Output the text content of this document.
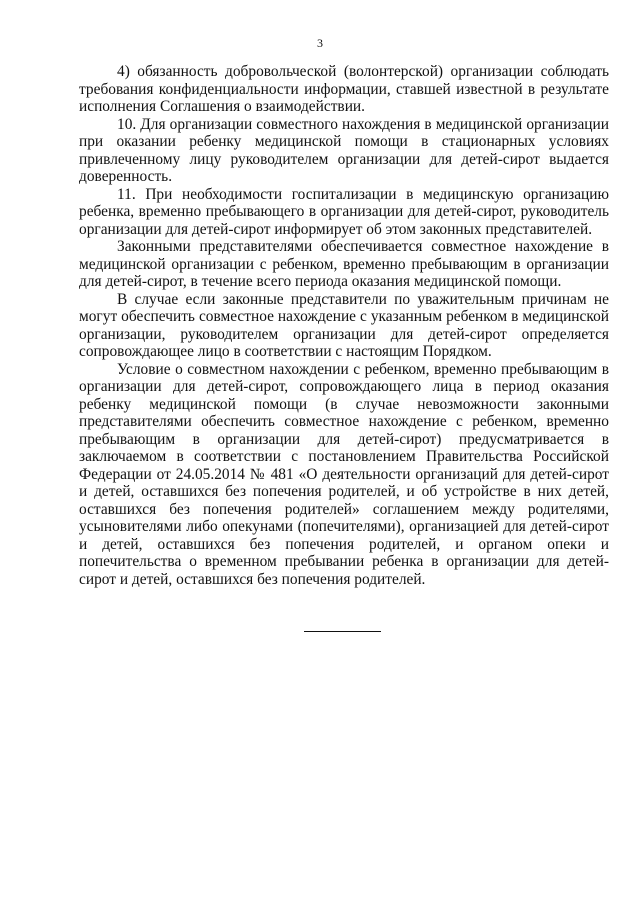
3

4) обязанность добровольческой (волонтерской) организации соблюдать требования конфиденциальности информации, ставшей известной в результате исполнения Соглашения о взаимодействии.

10. Для организации совместного нахождения в медицинской организации при оказании ребенку медицинской помощи в стационарных условиях привлеченному лицу руководителем организации для детей-сирот выдается доверенность.

11. При необходимости госпитализации в медицинскую организацию ребенка, временно пребывающего в организации для детей-сирот, руководитель организации для детей-сирот информирует об этом законных представителей.

Законными представителями обеспечивается совместное нахождение в медицинской организации с ребенком, временно пребывающим в организации для детей-сирот, в течение всего периода оказания медицинской помощи.

В случае если законные представители по уважительным причинам не могут обеспечить совместное нахождение с указанным ребенком в медицинской организации, руководителем организации для детей-сирот определяется сопровождающее лицо в соответствии с настоящим Порядком.

Условие о совместном нахождении с ребенком, временно пребывающим в организации для детей-сирот, сопровождающего лица в период оказания ребенку медицинской помощи (в случае невозможности законными представителями обеспечить совместное нахождение с ребенком, временно пребывающим в организации для детей-сирот) предусматривается в заключаемом в соответствии с постановлением Правительства Российской Федерации от 24.05.2014 № 481 «О деятельности организаций для детей-сирот и детей, оставшихся без попечения родителей, и об устройстве в них детей, оставшихся без попечения родителей» соглашением между родителями, усыновителями либо опекунами (попечителями), организацией для детей-сирот и детей, оставшихся без попечения родителей, и органом опеки и попечительства о временном пребывании ребенка в организации для детей-сирот и детей, оставшихся без попечения родителей.
